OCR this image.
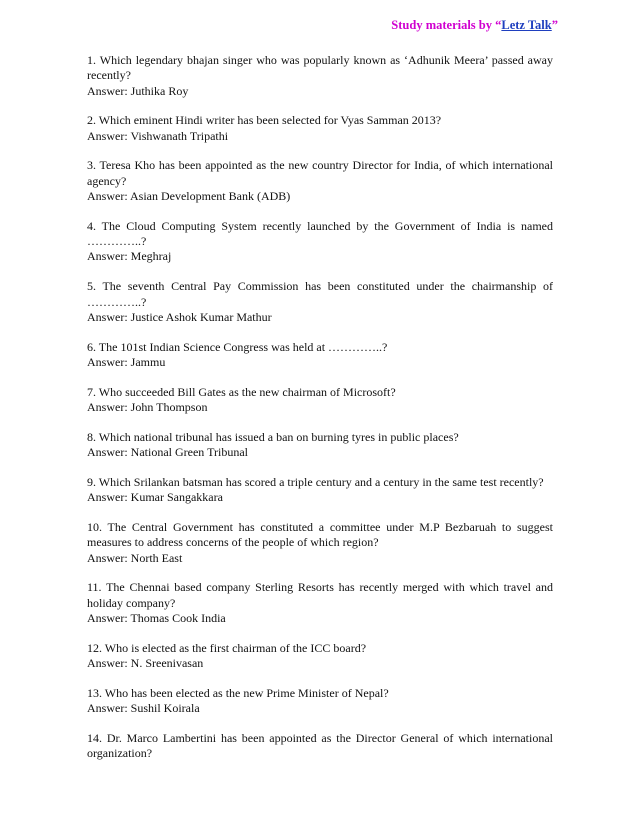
Study materials by “Letz Talk”

1. Which legendary bhajan singer who was popularly known as ‘Adhunik Meera’ passed away recently?

Answer: Juthika Roy

2. Which eminent Hindi writer has been selected for Vyas Samman 2013?

Answer: Vishwanath Tripathi

3. Teresa Kho has been appointed as the new country Director for India, of which international agency?

Answer: Asian Development Bank (ADB)

4. The Cloud Computing System recently launched by the Government of India is named …………..?

Answer: Meghraj

5. The seventh Central Pay Commission has been constituted under the chairmanship of …………..?

Answer: Justice Ashok Kumar Mathur

6. The 101st Indian Science Congress was held at …………..?

Answer: Jammu

7. Who succeeded Bill Gates as the new chairman of Microsoft?

Answer: John Thompson

8. Which national tribunal has issued a ban on burning tyres in public places?

Answer: National Green Tribunal

9. Which Srilankan batsman has scored a triple century and a century in the same test recently?

Answer: Kumar Sangakkara

10. The Central Government has constituted a committee under M.P Bezbaruah to suggest measures to address concerns of the people of which region?

Answer: North East

11. The Chennai based company Sterling Resorts has recently merged with which travel and holiday company?

Answer: Thomas Cook India

12. Who is elected as the first chairman of the ICC board?

Answer: N. Sreenivasan

13. Who has been elected as the new Prime Minister of Nepal?

Answer: Sushil Koirala

14. Dr. Marco Lambertini has been appointed as the Director General of which international organization?
